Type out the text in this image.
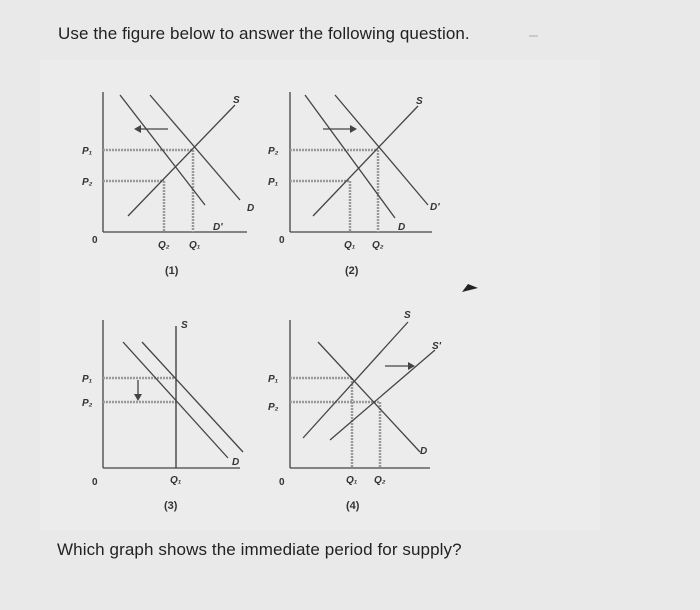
Use the figure below to answer the following question.
P₁
P₂
0	Q₂ Q₁
S
D'
D
(1)
P₂
P₁
0	Q₁ Q₂
S
D'
D
(2)
P₁
P₂
0	Q₁
S
D
(3)
P₁
P₂
0	Q₁ Q₂
S
S'
D
(4)
Which graph shows the immediate period for supply?
